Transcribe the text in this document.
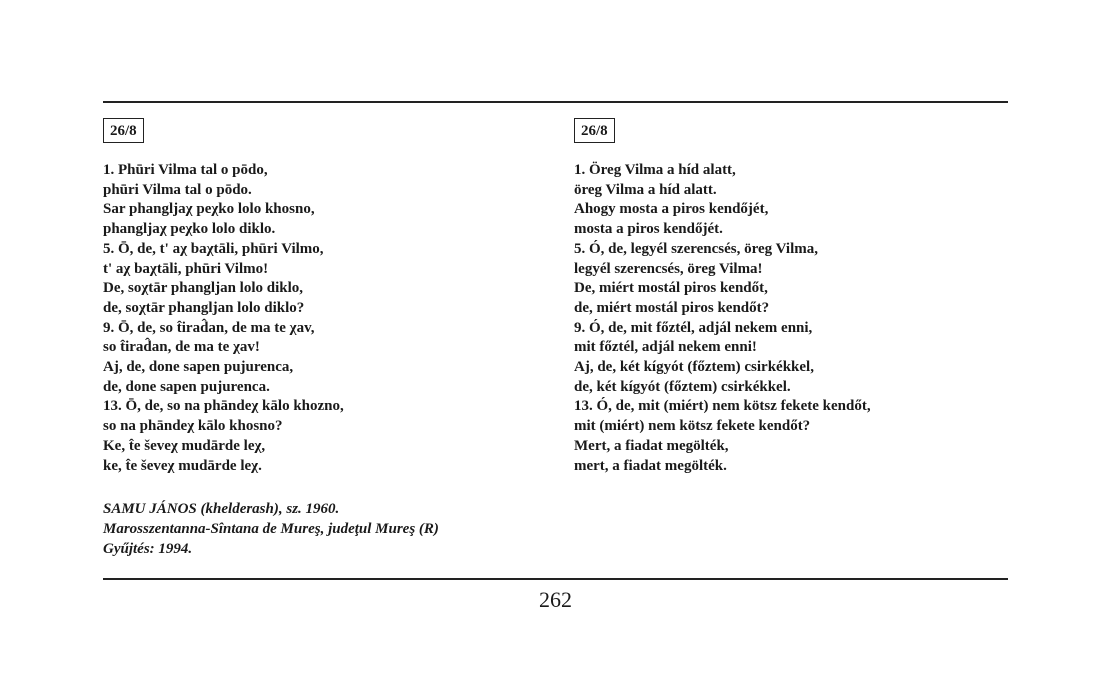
26/8
1. Phūri Vilma tal o pōdo,
phūri Vilma tal o pōdo.
Sar phangljaχ peχko lolo khosno,
phangljaχ peχko lolo diklo.
5. Ō, de, t' aχ baχtāli, phūri Vilmo,
t' aχ baχtāli, phūri Vilmo!
De, soχtār phangljan lolo diklo,
de, soχtār phangljan lolo diklo?
9. Ō, de, so t̂irad̂an, de ma te χav,
so t̂irad̂an, de ma te χav!
Aj, de, done sapen pujurenca,
de, done sapen pujurenca.
13. Ō, de, so na phāndeχ kālo khozno,
so na phāndeχ kālo khosno?
Ke, t̂e ševeχ mudārde leχ,
ke, t̂e ševeχ mudārde leχ.
SAMU JÁNOS (khelderash), sz. 1960.
Marosszentanna-Sîntana de Mureş, judeţul Mureş (R)
Gyűjtés: 1994.
26/8
1. Öreg Vilma a híd alatt,
öreg Vilma a híd alatt.
Ahogy mosta a piros kendőjét,
mosta a piros kendőjét.
5. Ó, de, legyél szerencsés, öreg Vilma,
legyél szerencsés, öreg Vilma!
De, miért mostál piros kendőt,
de, miért mostál piros kendőt?
9. Ó, de, mit főztél, adjál nekem enni,
mit főztél, adjál nekem enni!
Aj, de, két kígyót (főztem) csirkékkel,
de, két kígyót (főztem) csirkékkel.
13. Ó, de, mit (miért) nem kötsz fekete kendőt,
mit (miért) nem kötsz fekete kendőt?
Mert, a fiadat megölték,
mert, a fiadat megölték.
262
